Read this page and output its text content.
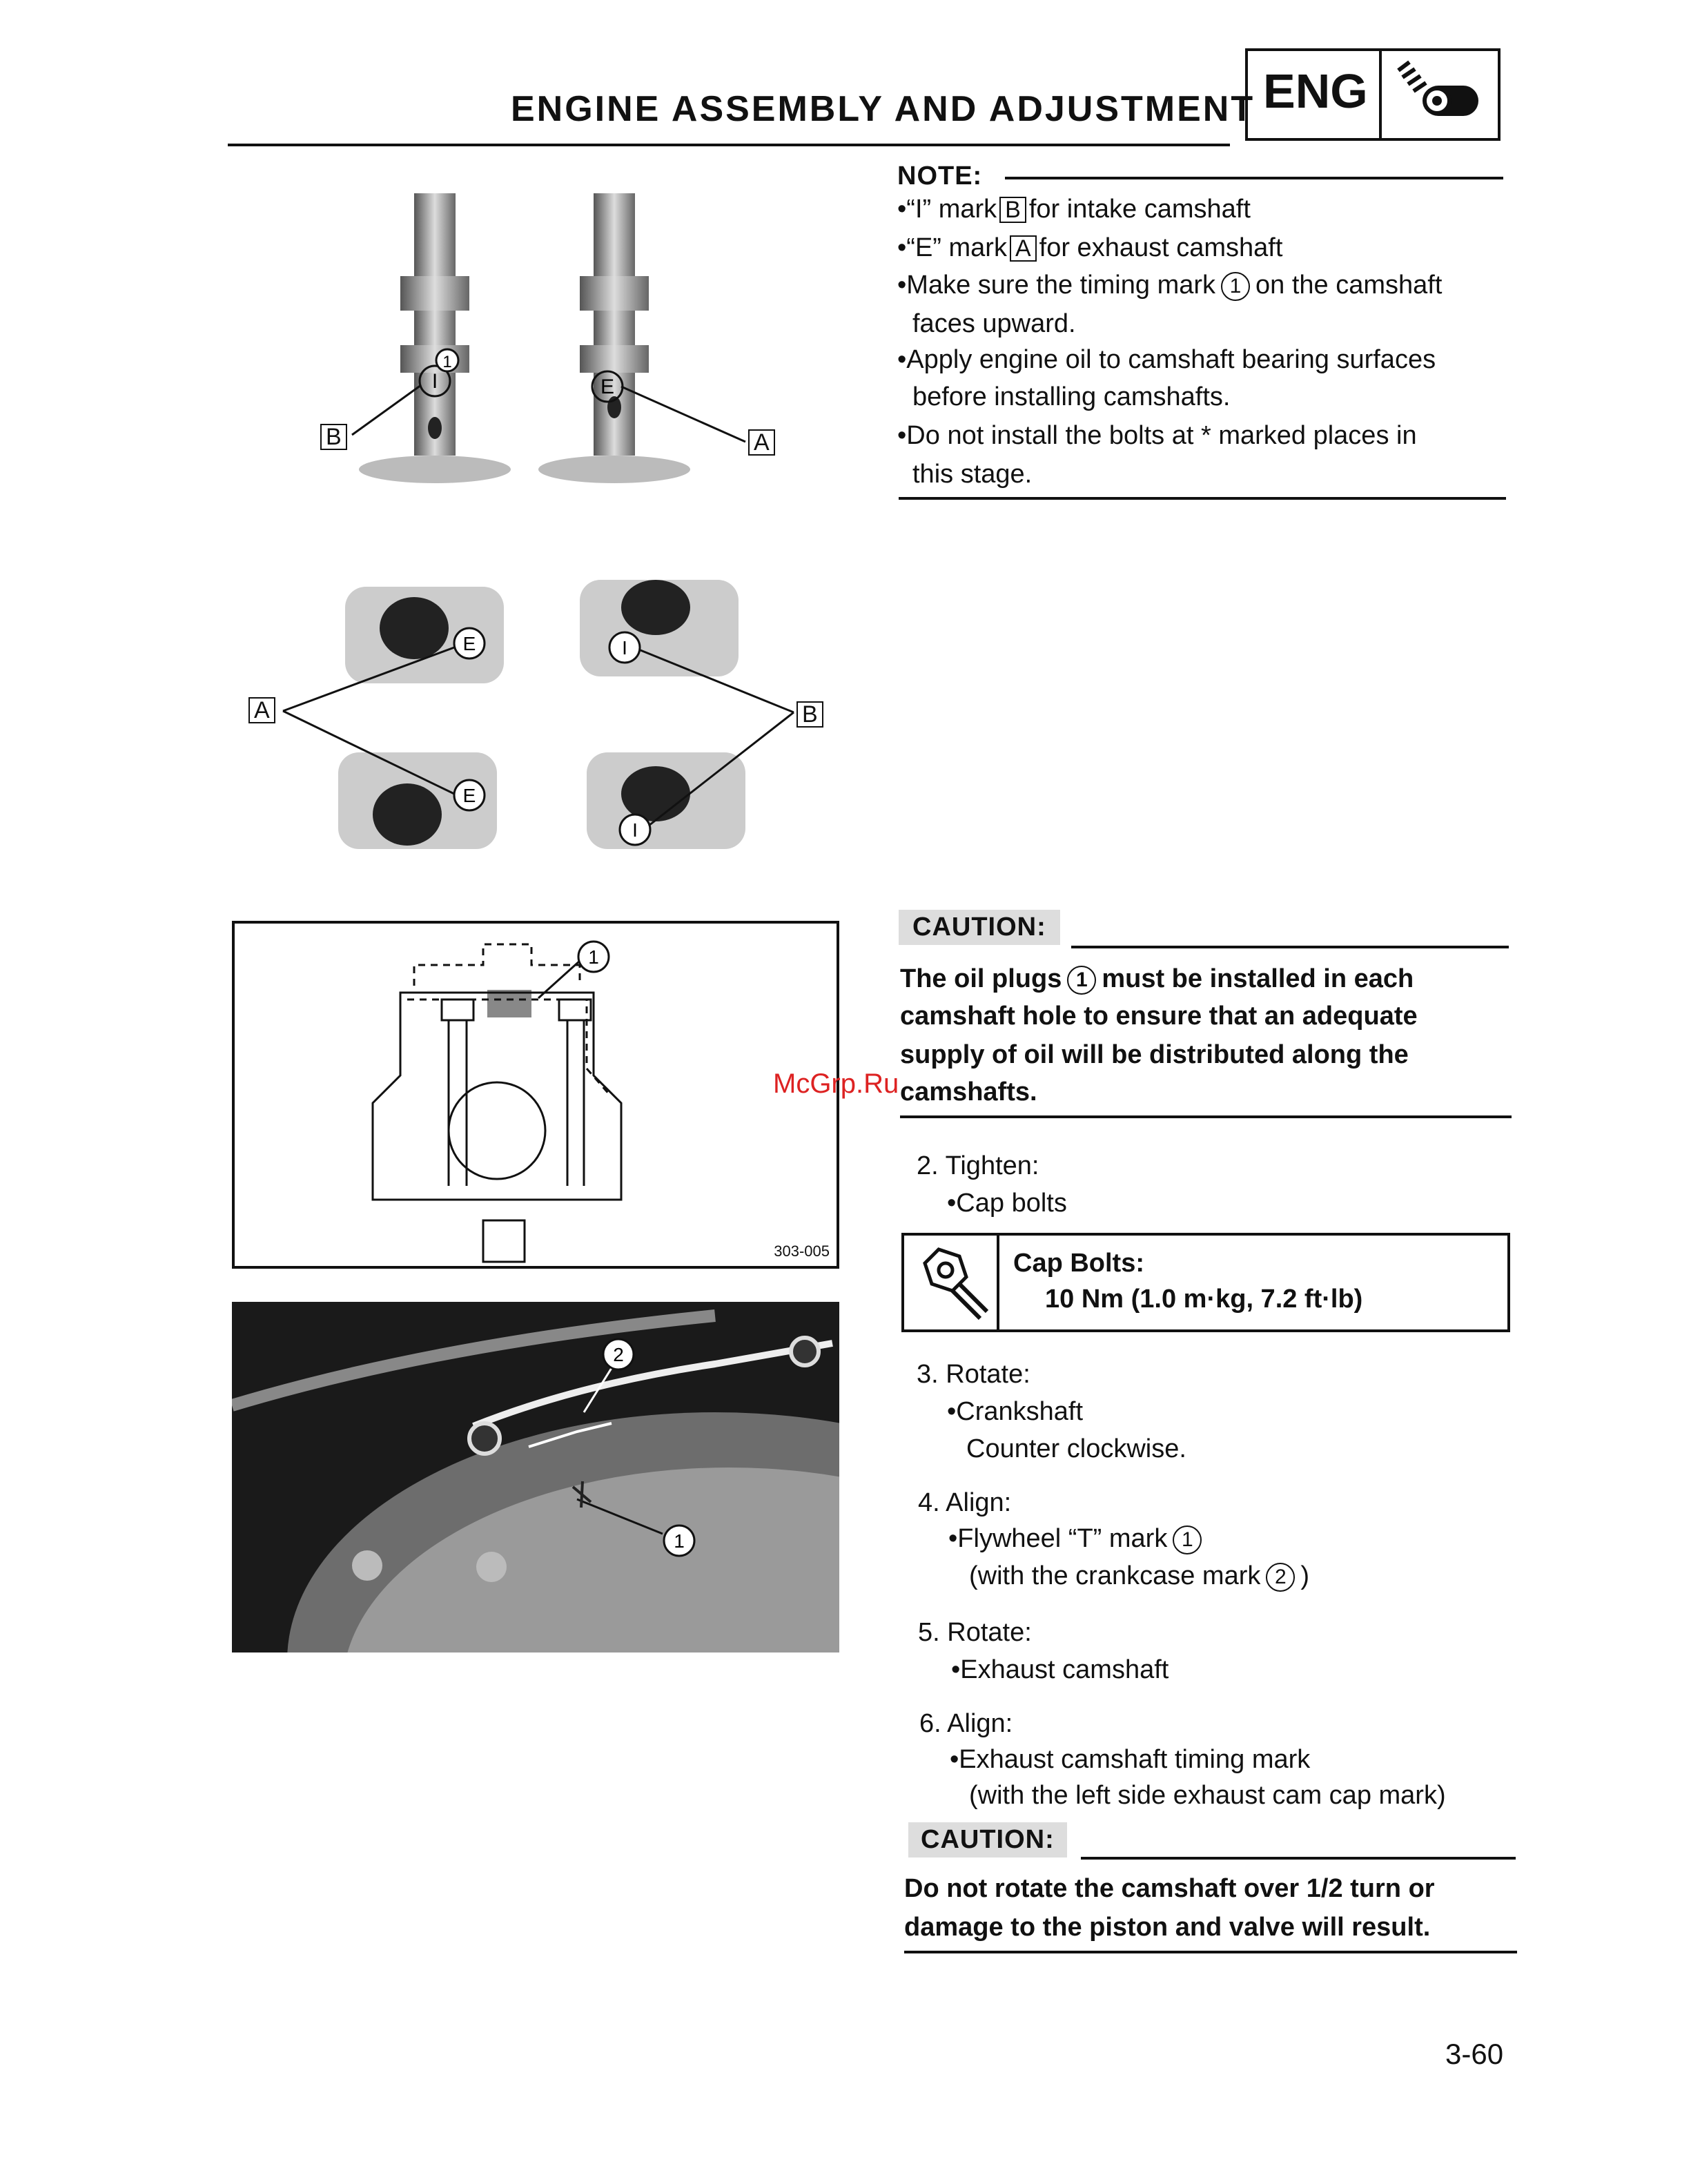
ENGINE ASSEMBLY AND ADJUSTMENT ENG
NOTE:
•“I” mark B for intake camshaft
•“E” mark A for exhaust camshaft
•Make sure the timing mark 1 on the camshaft
faces upward.
•Apply engine oil to camshaft bearing surfaces
before installing camshafts.
•Do not install the bolts at * marked places in
this stage.
I	E
1
B	A
E
E
I
I
A	B
1
303-005
2
1
CAUTION:
The oil plugs 1 must be installed in each
camshaft hole to ensure that an adequate
supply of oil will be distributed along the
camshafts.
McGrp.Ru
2. Tighten:
•Cap bolts
Cap Bolts:
10 Nm (1.0 m·kg, 7.2 ft·lb)
3. Rotate:
•Crankshaft
Counter clockwise.
4. Align:
•Flywheel “T” mark 1
(with the crankcase mark 2 )
5. Rotate:
•Exhaust camshaft
6. Align:
•Exhaust camshaft timing mark
(with the left side exhaust cam cap mark)
CAUTION:
Do not rotate the camshaft over 1/2 turn or
damage to the piston and valve will result.
3-60
